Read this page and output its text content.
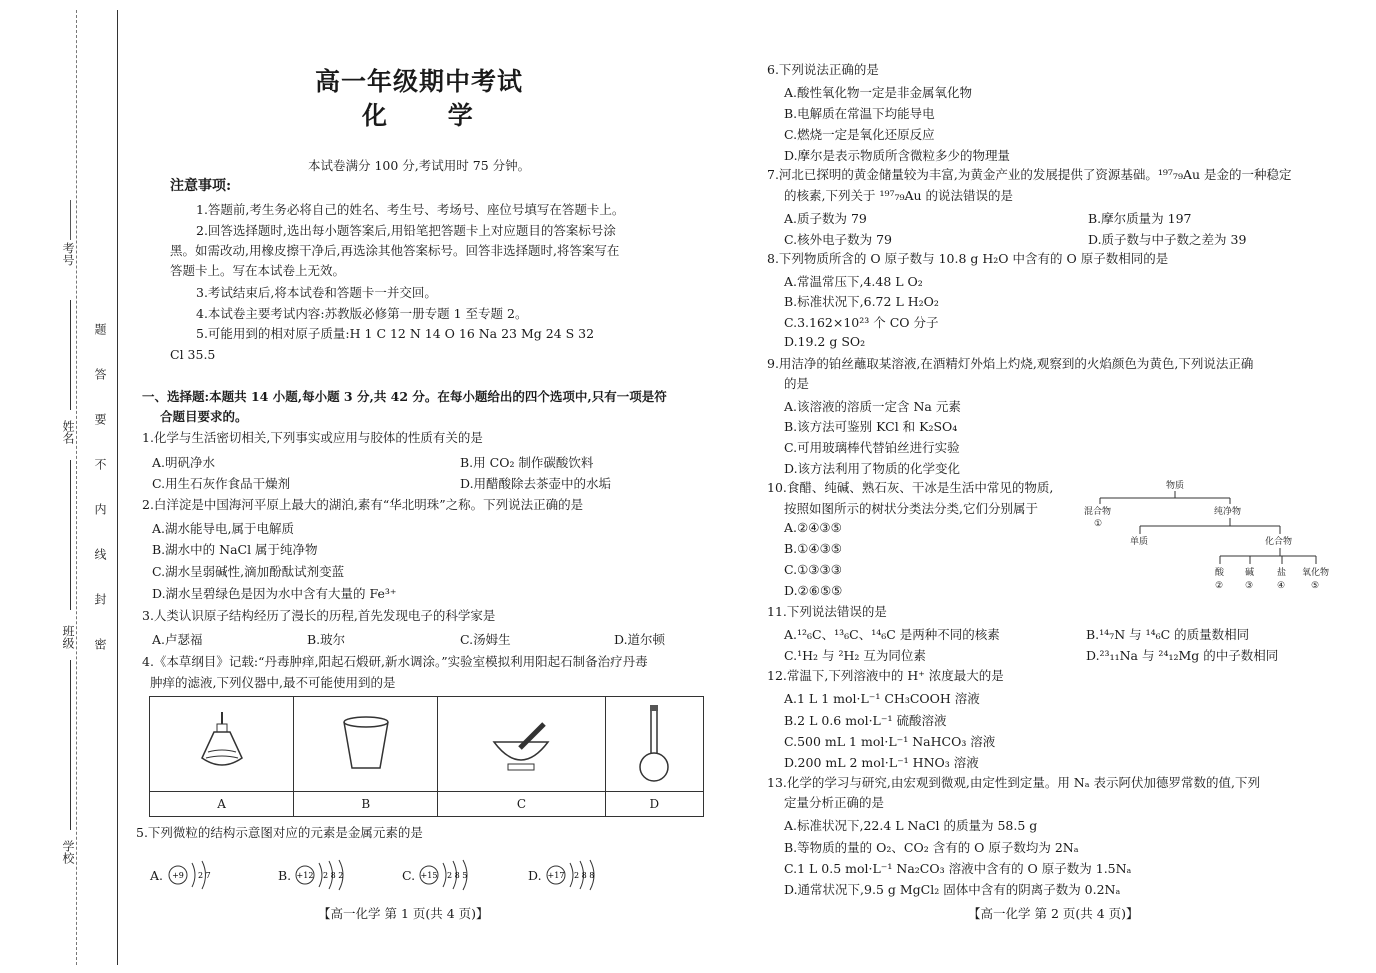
考号
姓名
班级
学校
题
答
要
不
内
线
封
密
高一年级期中考试
化 学
本试卷满分 100 分,考试用时 75 分钟。
注意事项:
1.答题前,考生务必将自己的姓名、考生号、考场号、座位号填写在答题卡上。
2.回答选择题时,选出每小题答案后,用铅笔把答题卡上对应题目的答案标号涂
黑。如需改动,用橡皮擦干净后,再选涂其他答案标号。回答非选择题时,将答案写在
答题卡上。写在本试卷上无效。
3.考试结束后,将本试卷和答题卡一并交回。
4.本试卷主要考试内容:苏教版必修第一册专题 1 至专题 2。
5.可能用到的相对原子质量:H 1 C 12 N 14 O 16 Na 23 Mg 24 S 32
Cl 35.5
一、选择题:本题共 14 小题,每小题 3 分,共 42 分。在每小题给出的四个选项中,只有一项是符
合题目要求的。
1.化学与生活密切相关,下列事实或应用与胶体的性质有关的是
A.明矾净水	B.用 CO₂ 制作碳酸饮料
C.用生石灰作食品干燥剂	D.用醋酸除去茶壶中的水垢
2.白洋淀是中国海河平原上最大的湖泊,素有“华北明珠”之称。下列说法正确的是
A.湖水能导电,属于电解质
B.湖水中的 NaCl 属于纯净物
C.湖水呈弱碱性,滴加酚酞试剂变蓝
D.湖水呈碧绿色是因为水中含有大量的 Fe³⁺
3.人类认识原子结构经历了漫长的历程,首先发现电子的科学家是
A.卢瑟福	B.玻尔	C.汤姆生	D.道尔顿
4.《本草纲目》记载:“丹毒肿痒,阳起石煅研,新水调涂。”实验室模拟利用阳起石制备治疗丹毒
肿痒的滤液,下列仪器中,最不可能使用到的是

A	B	C	D
5.下列微粒的结构示意图对应的元素是金属元素的是
A.	B.	C.	D.
+9 2 7	+12 2 8 2	+15 2 8 5	+17 2 8 8
【高一化学 第 1 页(共 4 页)】
6.下列说法正确的是
A.酸性氧化物一定是非金属氧化物
B.电解质在常温下均能导电
C.燃烧一定是氧化还原反应
D.摩尔是表示物质所含微粒多少的物理量
7.河北已探明的黄金储量较为丰富,为黄金产业的发展提供了资源基础。¹⁹⁷₇₉Au 是金的一种稳定
的核素,下列关于 ¹⁹⁷₇₉Au 的说法错误的是
A.质子数为 79	B.摩尔质量为 197
C.核外电子数为 79	D.质子数与中子数之差为 39
8.下列物质所含的 O 原子数与 10.8 g H₂O 中含有的 O 原子数相同的是
A.常温常压下,4.48 L O₂
B.标准状况下,6.72 L H₂O₂
C.3.162×10²³ 个 CO 分子
D.19.2 g SO₂
9.用洁净的铂丝蘸取某溶液,在酒精灯外焰上灼烧,观察到的火焰颜色为黄色,下列说法正确
的是
A.该溶液的溶质一定含 Na 元素
B.该方法可鉴别 KCl 和 K₂SO₄
C.可用玻璃棒代替铂丝进行实验
D.该方法利用了物质的化学变化
10.食醋、纯碱、熟石灰、干冰是生活中常见的物质,
按照如图所示的树状分类法分类,它们分别属于
A.②④③⑤
B.①④③⑤
C.①③③③
D.②⑥⑤⑤
物质
混合物
①
纯净物
单质	化合物
酸 碱	盐 氧化物
② ③	④	⑤
11.下列说法错误的是
A.¹²₆C、¹³₆C、¹⁴₆C 是两种不同的核素	B.¹⁴₇N 与 ¹⁴₆C 的质量数相同
C.¹H₂ 与 ²H₂ 互为同位素	D.²³₁₁Na 与 ²⁴₁₂Mg 的中子数相同
12.常温下,下列溶液中的 H⁺ 浓度最大的是
A.1 L 1 mol·L⁻¹ CH₃COOH 溶液
B.2 L 0.6 mol·L⁻¹ 硫酸溶液
C.500 mL 1 mol·L⁻¹ NaHCO₃ 溶液
D.200 mL 2 mol·L⁻¹ HNO₃ 溶液
13.化学的学习与研究,由宏观到微观,由定性到定量。用 Nₐ 表示阿伏加德罗常数的值,下列
定量分析正确的是
A.标准状况下,22.4 L NaCl 的质量为 58.5 g
B.等物质的量的 O₂、CO₂ 含有的 O 原子数均为 2Nₐ
C.1 L 0.5 mol·L⁻¹ Na₂CO₃ 溶液中含有的 O 原子数为 1.5Nₐ
D.通常状况下,9.5 g MgCl₂ 固体中含有的阴离子数为 0.2Nₐ
【高一化学 第 2 页(共 4 页)】
